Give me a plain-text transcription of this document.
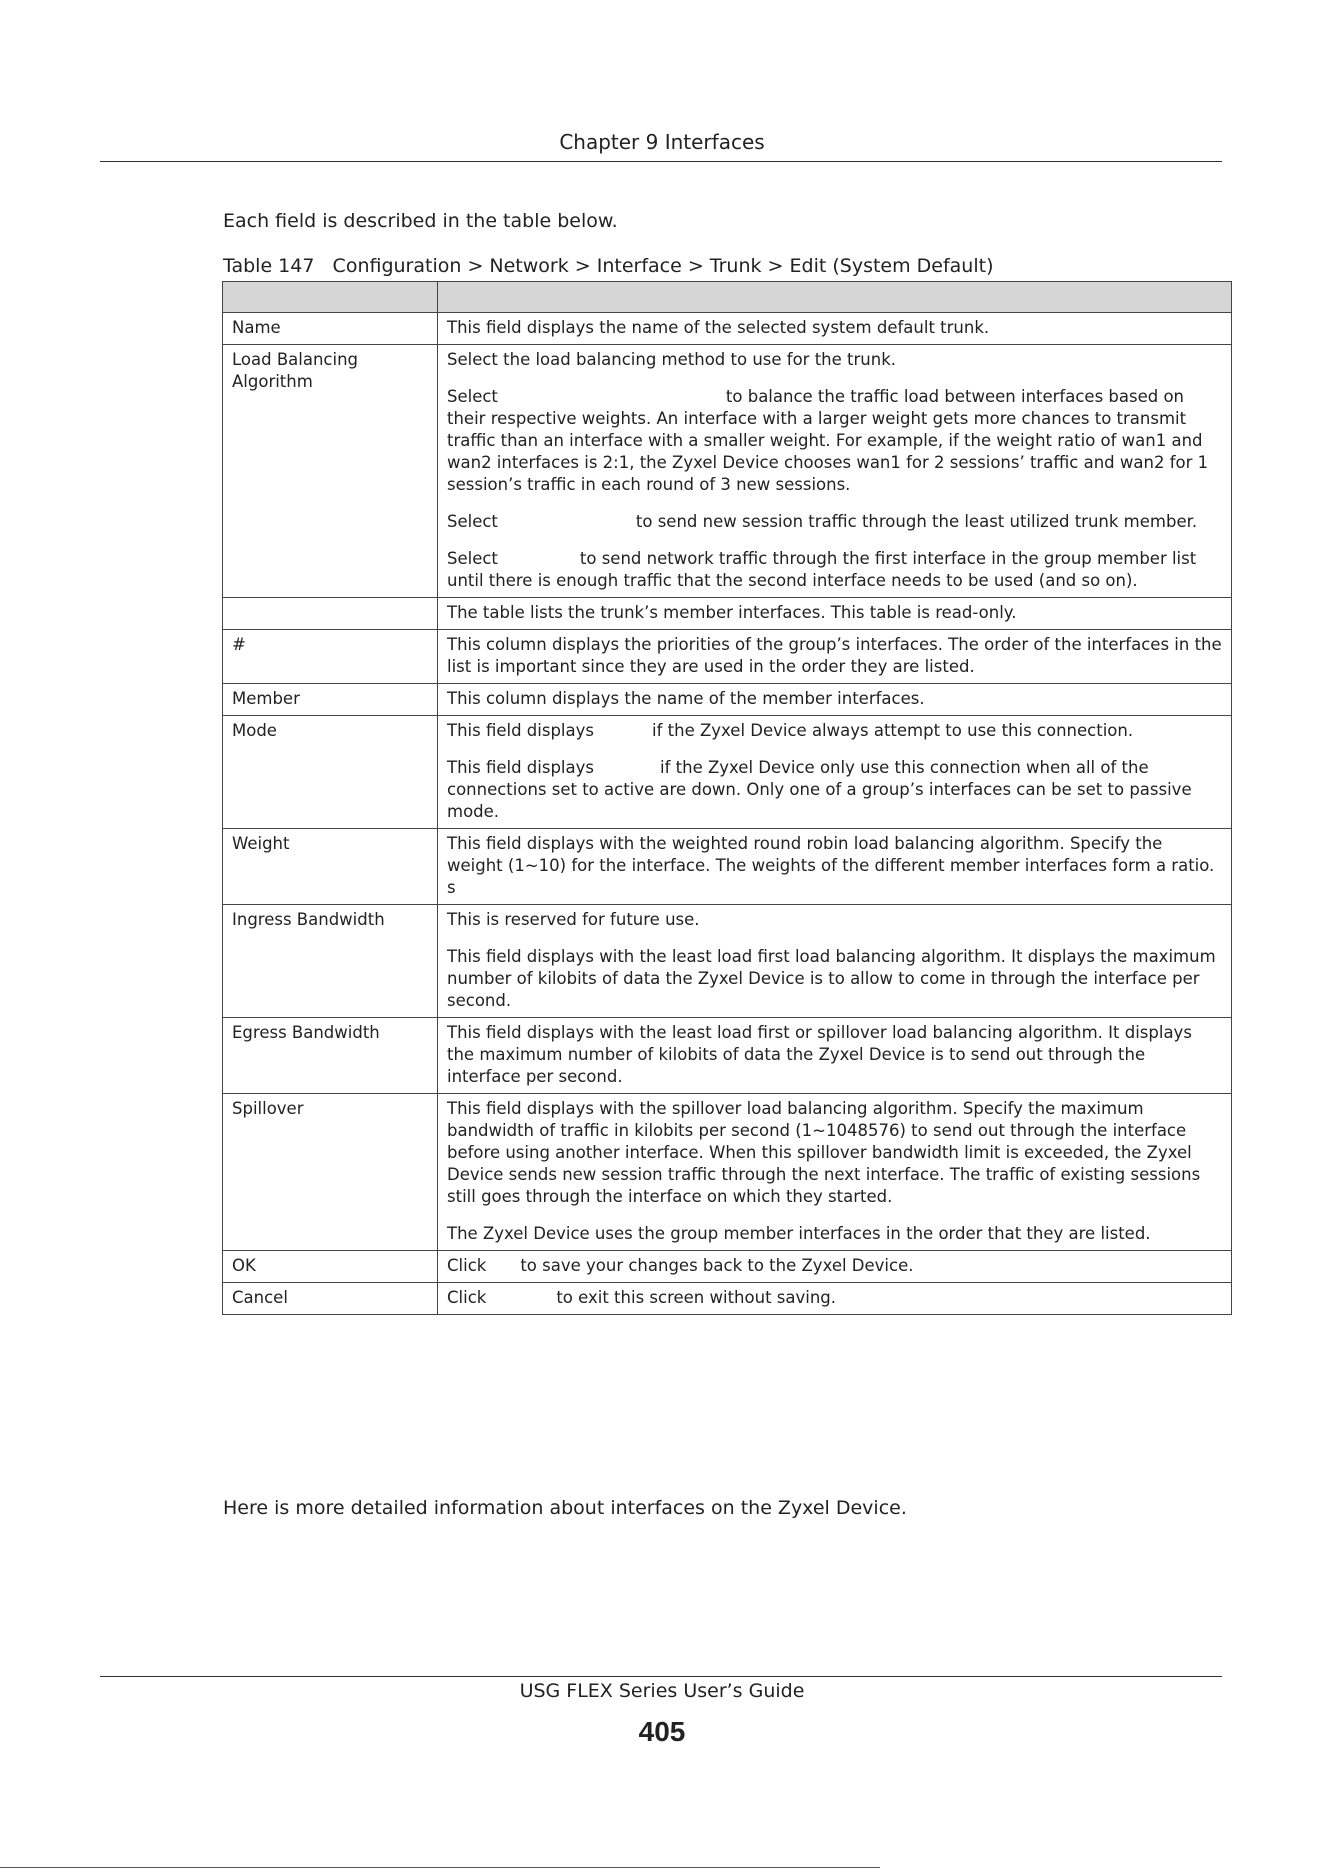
Chapter 9 Interfaces
Each field is described in the table below.
Table 147   Configuration > Network > Interface > Trunk > Edit (System Default)

Name	This field displays the name of the selected system default trunk.

Load Balancing Algorithm	Select the load balancing method to use for the trunk.

Select to balance the traffic load between interfaces based on their respective weights. An interface with a larger weight gets more chances to transmit traffic than an interface with a smaller weight. For example, if the weight ratio of wan1 and wan2 interfaces is 2:1, the Zyxel Device chooses wan1 for 2 sessions’ traffic and wan2 for 1 session’s traffic in each round of 3 new sessions.

Select to send new session traffic through the least utilized trunk member.

Select to send network traffic through the first interface in the group member list until there is enough traffic that the second interface needs to be used (and so on).

	The table lists the trunk’s member interfaces. This table is read-only.

#	This column displays the priorities of the group’s interfaces. The order of the interfaces in the list is important since they are used in the order they are listed.

Member	This column displays the name of the member interfaces.

Mode	This field displays if the Zyxel Device always attempt to use this connection.

This field displays if the Zyxel Device only use this connection when all of the connections set to active are down. Only one of a group’s interfaces can be set to passive mode.

Weight	This field displays with the weighted round robin load balancing algorithm. Specify the weight (1~10) for the interface. The weights of the different member interfaces form a ratio. s

Ingress Bandwidth	This is reserved for future use.

This field displays with the least load first load balancing algorithm. It displays the maximum number of kilobits of data the Zyxel Device is to allow to come in through the interface per second.

Egress Bandwidth	This field displays with the least load first or spillover load balancing algorithm. It displays the maximum number of kilobits of data the Zyxel Device is to send out through the interface per second.

Spillover	This field displays with the spillover load balancing algorithm. Specify the maximum bandwidth of traffic in kilobits per second (1~1048576) to send out through the interface before using another interface. When this spillover bandwidth limit is exceeded, the Zyxel Device sends new session traffic through the next interface. The traffic of existing sessions still goes through the interface on which they started.

The Zyxel Device uses the group member interfaces in the order that they are listed.

OK	Click to save your changes back to the Zyxel Device.

Cancel	Click to exit this screen without saving.

Here is more detailed information about interfaces on the Zyxel Device.
USG FLEX Series User’s Guide
405
